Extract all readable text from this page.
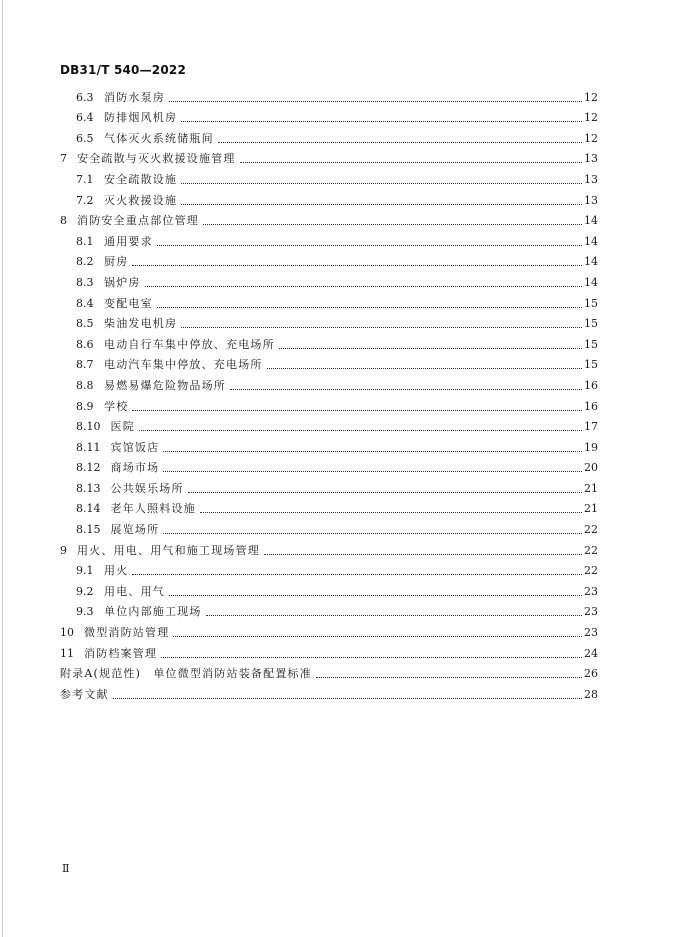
DB31/T 540—2022
6.3 消防水泵房	12
6.4 防排烟风机房	12
6.5 气体灭火系统储瓶间	12
7 安全疏散与灭火救援设施管理	13
7.1 安全疏散设施	13
7.2 灭火救援设施	13
8 消防安全重点部位管理	14
8.1 通用要求	14
8.2 厨房	14
8.3 锅炉房	14
8.4 变配电室	15
8.5 柴油发电机房	15
8.6 电动自行车集中停放、充电场所	15
8.7 电动汽车集中停放、充电场所	15
8.8 易燃易爆危险物品场所	16
8.9 学校	16
8.10 医院	17
8.11 宾馆饭店	19
8.12 商场市场	20
8.13 公共娱乐场所	21
8.14 老年人照料设施	21
8.15 展览场所	22
9 用火、用电、用气和施工现场管理	22
9.1 用火	22
9.2 用电、用气	23
9.3 单位内部施工现场	23
10 微型消防站管理	23
11 消防档案管理	24
附录A(规范性)　单位微型消防站装备配置标准	26
参考文献	28
Ⅱ
